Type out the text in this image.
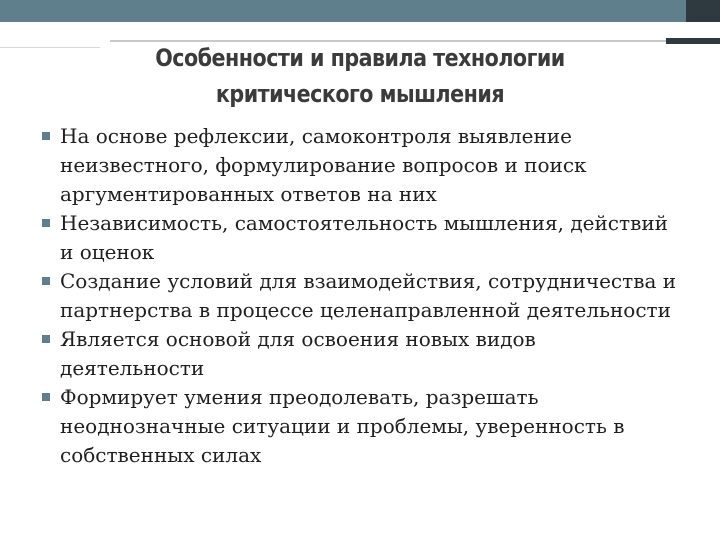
Особенности и правила технологии
критического мышления
На основе рефлексии, самоконтроля выявление неизвестного, формулирование вопросов и поиск аргументированных ответов на них
Независимость, самостоятельность мышления, действий и оценок
Создание условий для взаимодействия, сотрудничества и партнерства в процессе целенаправленной деятельности
Является основой для освоения новых видов деятельности
Формирует умения преодолевать, разрешать неоднозначные ситуации и проблемы, уверенность в собственных силах
